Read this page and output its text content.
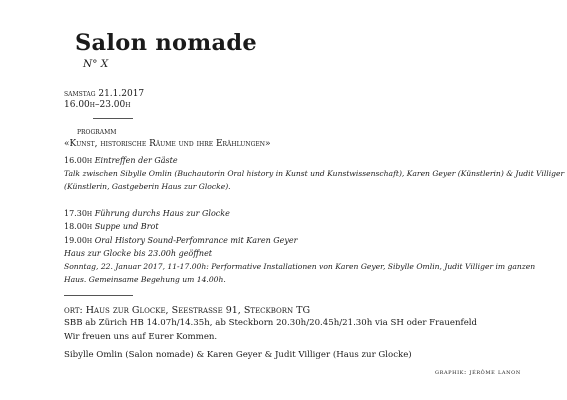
Salon nomade
N° X
samstag 21.1.2017
16.00h–23.00h
programm
«Kunst, historische Räume und ihre Erählungen»
16.00h Eintreffen der Gäste
Talk zwischen Sibylle Omlin (Buchautorin Oral history in Kunst und Kunstwissenschaft), Karen Geyer (Künstlerin) & Judit Villiger
(Künstlerin, Gastgeberin Haus zur Glocke).
17.30h Führung durchs Haus zur Glocke
18.00h Suppe und Brot
19.00h Oral History Sound-Perfomrance mit Karen Geyer
Haus zur Glocke bis 23.00h geöffnet
Sonntag, 22. Januar 2017, 11-17.00h: Performative Installationen von Karen Geyer, Sibylle Omlin, Judit Villiger im ganzen
Haus. Gemeinsame Begehung um 14.00h.
ort: Haus zur Glocke, Seestrasse 91, Steckborn TG
SBB ab Zürich HB 14.07h/14.35h, ab Steckborn 20.30h/20.45h/21.30h via SH oder Frauenfeld
Wir freuen uns auf Eurer Kommen.
Sibylle Omlin (Salon nomade) & Karen Geyer & Judit Villiger (Haus zur Glocke)
graphik: jérôme lanon
